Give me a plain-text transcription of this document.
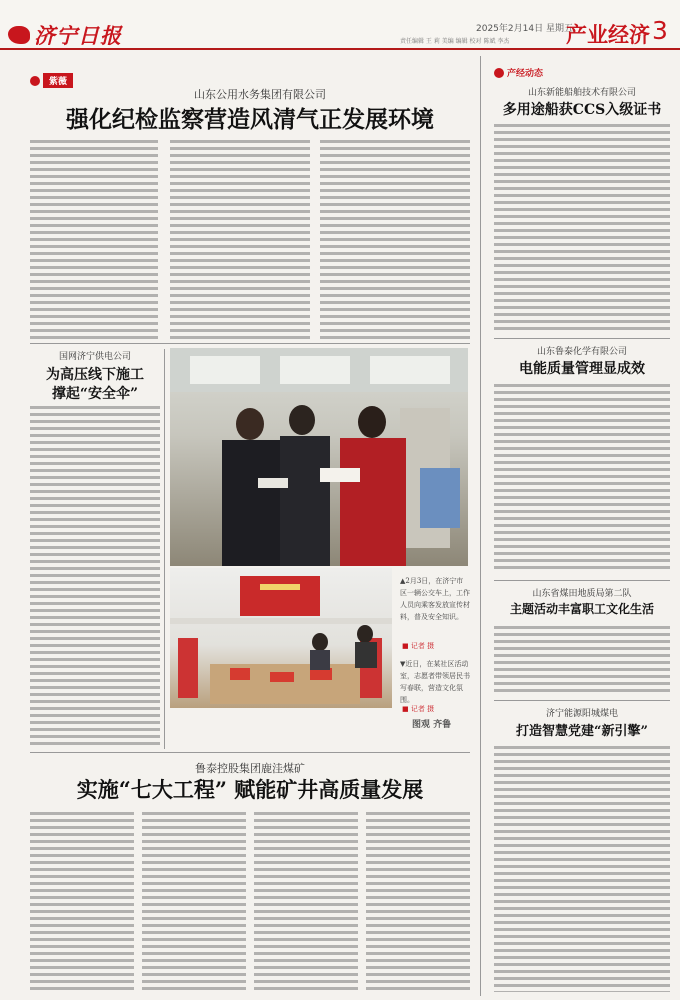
济宁日报	2025年2月14日 星期五
责任编辑 王 莉 美编 编辑 校对 陈斌 李杰	产业经济 3
紫薇
山东公用水务集团有限公司
强化纪检监察营造风清气正发展环境
国网济宁供电公司
为高压线下施工
撑起“安全伞”
▲2月3日，在济宁市区一辆公交车上，工作人员向乘客发放宣传材料，普及安全知识。
■ 记者 摄
▼近日，在某社区活动室，志愿者带领居民书写春联，营造文化氛围。
■ 记者 摄
图观 齐鲁
鲁泰控股集团鹿洼煤矿
实施“七大工程” 赋能矿井高质量发展
产经动态
山东新能船舶技术有限公司
多用途船获CCS入级证书
山东鲁泰化学有限公司
电能质量管理显成效
山东省煤田地质局第二队
主题活动丰富职工文化生活
济宁能源阳城煤电
打造智慧党建“新引擎”
